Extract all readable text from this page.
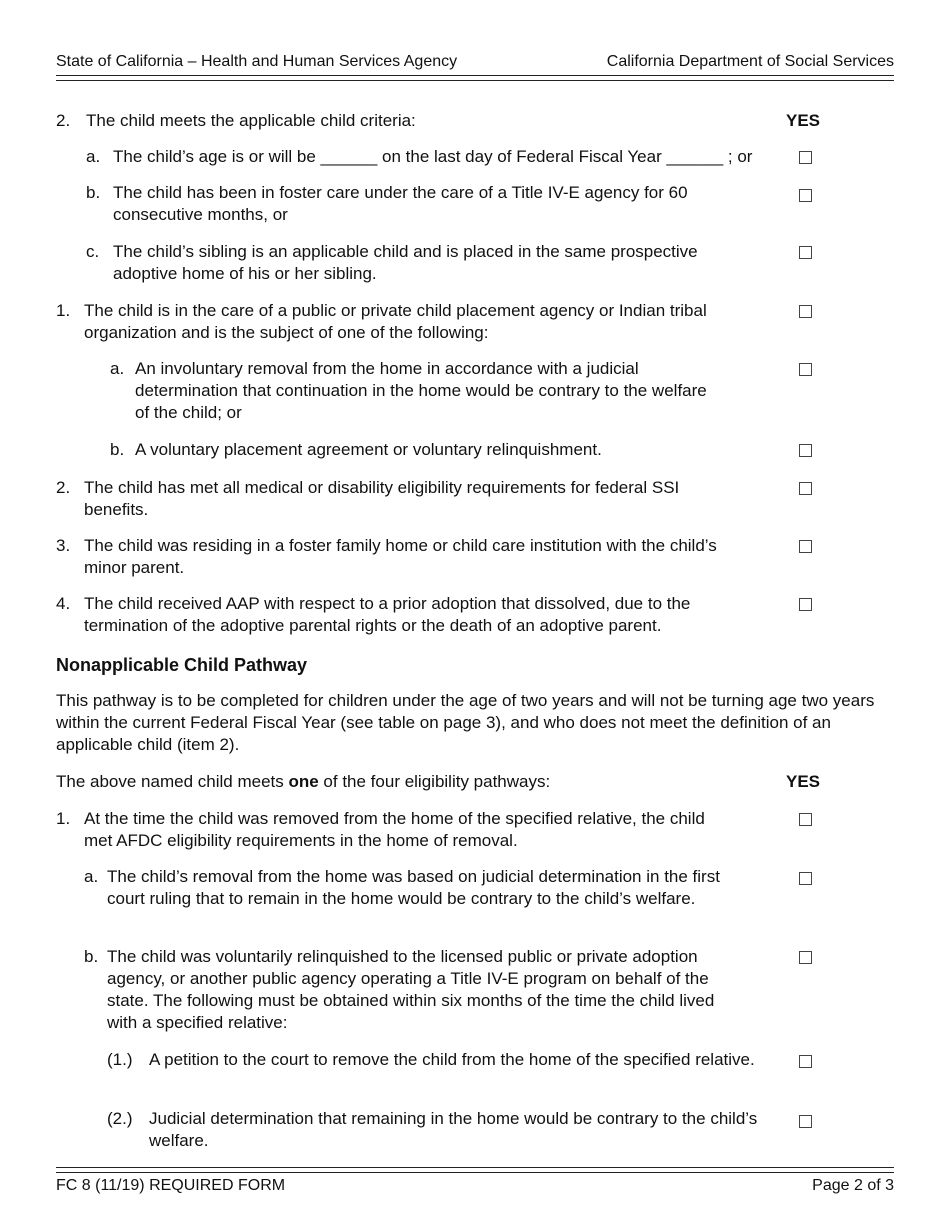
State of California – Health and Human Services Agency	California Department of Social Services
2. The child meets the applicable child criteria:	YES
a. The child’s age is or will be ______ on the last day of Federal Fiscal Year ______ ; or
b. The child has been in foster care under the care of a Title IV-E agency for 60 consecutive months, or
c. The child’s sibling is an applicable child and is placed in the same prospective adoptive home of his or her sibling.
1. The child is in the care of a public or private child placement agency or Indian tribal organization and is the subject of one of the following:
a. An involuntary removal from the home in accordance with a judicial determination that continuation in the home would be contrary to the welfare of the child; or
b. A voluntary placement agreement or voluntary relinquishment.
2. The child has met all medical or disability eligibility requirements for federal SSI benefits.
3. The child was residing in a foster family home or child care institution with the child’s minor parent.
4. The child received AAP with respect to a prior adoption that dissolved, due to the termination of the adoptive parental rights or the death of an adoptive parent.
Nonapplicable Child Pathway
This pathway is to be completed for children under the age of two years and will not be turning age two years within the current Federal Fiscal Year (see table on page 3), and who does not meet the definition of an applicable child (item 2).
The above named child meets one of the four eligibility pathways:	YES
1. At the time the child was removed from the home of the specified relative, the child met AFDC eligibility requirements in the home of removal.
a. The child’s removal from the home was based on judicial determination in the first court ruling that to remain in the home would be contrary to the child’s welfare.
b. The child was voluntarily relinquished to the licensed public or private adoption agency, or another public agency operating a Title IV-E program on behalf of the state. The following must be obtained within six months of the time the child lived with a specified relative:
(1.) A petition to the court to remove the child from the home of the specified relative.
(2.) Judicial determination that remaining in the home would be contrary to the child’s welfare.
FC 8 (11/19) REQUIRED FORM	Page 2 of 3
